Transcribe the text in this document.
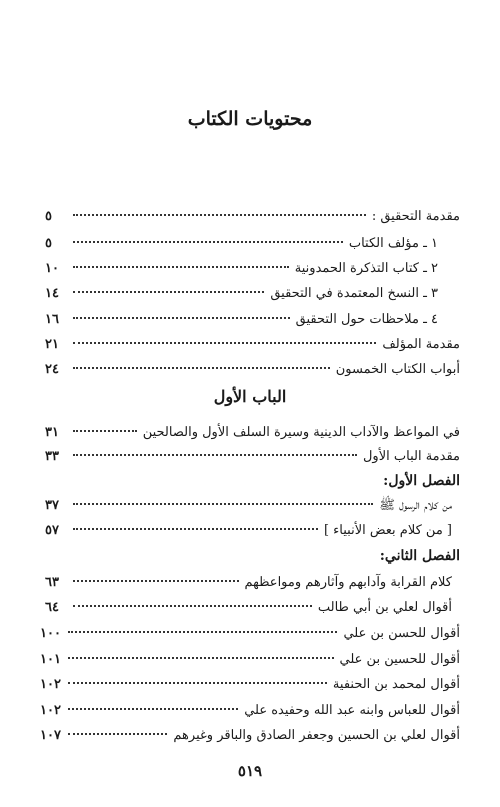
محتويات الكتاب
مقدمة التحقيق :
٥
١ ـ مؤلف الكتاب
٥
٢ ـ كتاب التذكرة الحمدونية
١٠
٣ ـ النسخ المعتمدة في التحقيق
١٤
٤ ـ ملاحظات حول التحقيق
١٦
مقدمة المؤلف
٢١
أبواب الكتاب الخمسون
٢٤
الباب الأول
في المواعظ والآداب الدينية وسيرة السلف الأول والصالحين
٣١
مقدمة الباب الأول
٣٣
الفصل الأول:
من كلام الرسول ﷺ
٣٧
[ من كلام بعض الأنبياء ]
٥٧
الفصل الثاني:
كلام القرابة وآدابهم وآثارهم ومواعظهم
٦٣
أقوال لعلي بن أبي طالب
٦٤
أقوال للحسن بن علي
١٠٠
أقوال للحسين بن علي
١٠١
أقوال لمحمد بن الحنفية
١٠٢
أقوال للعباس وابنه عبد الله وحفيده علي
١٠٢
أقوال لعلي بن الحسين وجعفر الصادق والباقر وغيرهم
١٠٧
٥١٩
